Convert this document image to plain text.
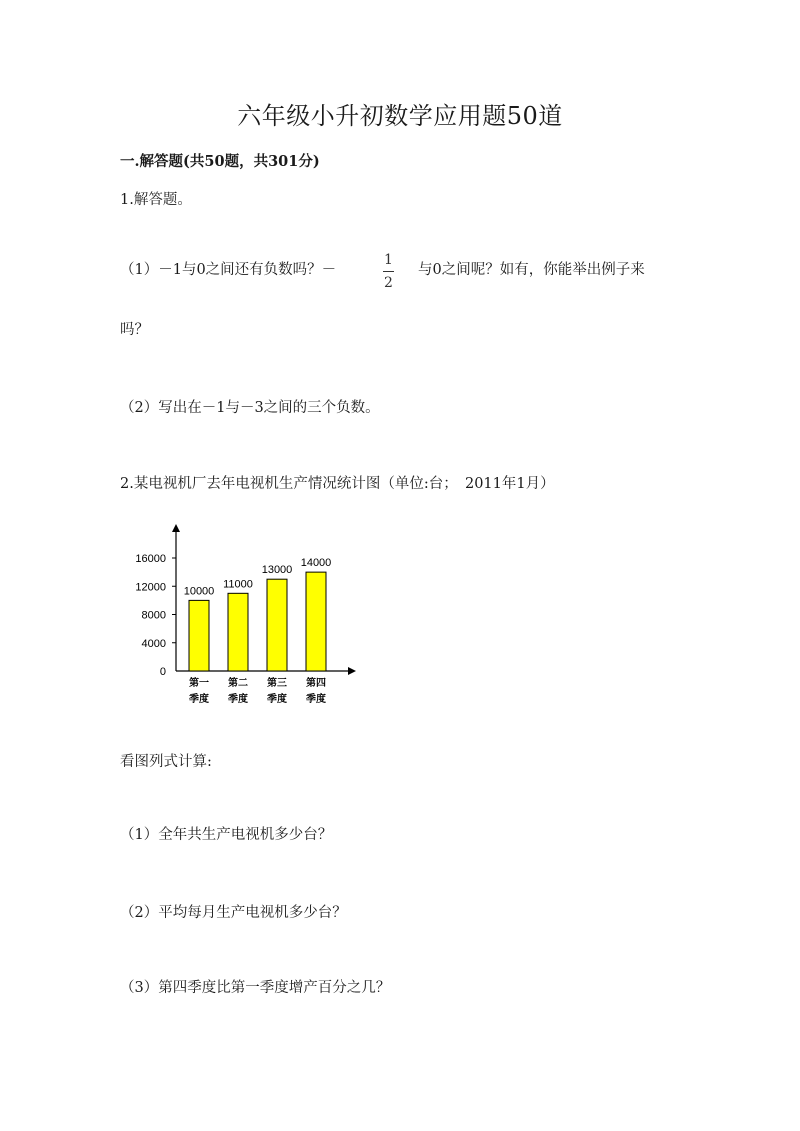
六年级小升初数学应用题50道
一.解答题(共50题，共301分)
1.解答题。
（1）－1与0之间还有负数吗？－
1
2
与0之间呢？如有，你能举出例子来
吗？
（2）写出在－1与－3之间的三个负数。
2.某电视机厂去年电视机生产情况统计图（单位:台；　2011年1月）
0
4000
8000
12000
16000
10000
第一
季度
11000
第二
季度
13000
第三
季度
14000
第四
季度
看图列式计算:
（1）全年共生产电视机多少台？
（2）平均每月生产电视机多少台？
（3）第四季度比第一季度增产百分之几？
